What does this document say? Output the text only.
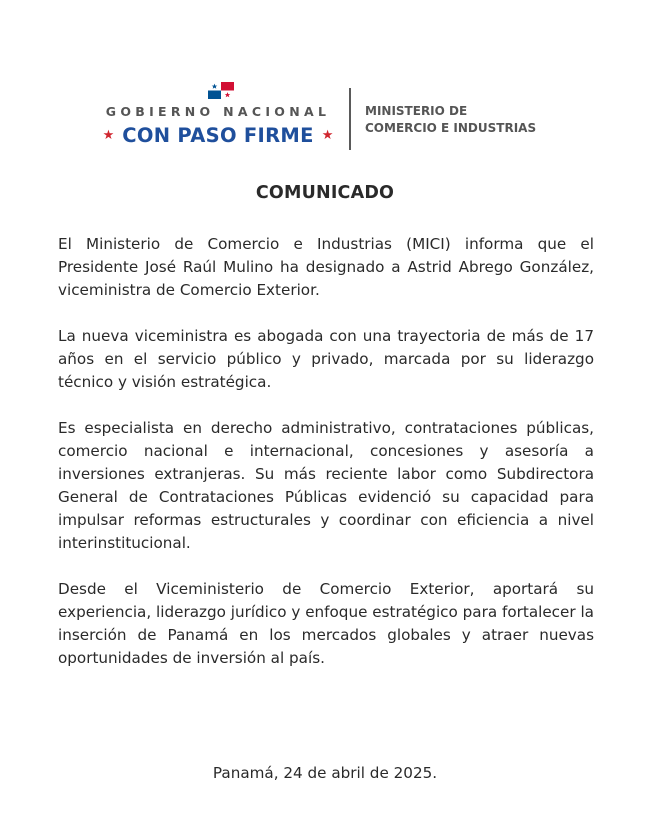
GOBIERNO NACIONAL
★ CON PASO FIRME ★
MINISTERIO DE
COMERCIO E INDUSTRIAS
COMUNICADO

El Ministerio de Comercio e Industrias (MICI) informa que el Presidente José Raúl Mulino ha designado a Astrid Abrego González, viceministra de Comercio Exterior.

La nueva viceministra es abogada con una trayectoria de más de 17 años en el servicio público y privado, marcada por su liderazgo técnico y visión estratégica.

Es especialista en derecho administrativo, contrataciones públicas, comercio nacional e internacional, concesiones y asesoría a inversiones extranjeras. Su más reciente labor como Subdirectora General de Contrataciones Públicas evidenció su capacidad para impulsar reformas estructurales y coordinar con eficiencia a nivel interinstitucional.

Desde el Viceministerio de Comercio Exterior, aportará su experiencia, liderazgo jurídico y enfoque estratégico para fortalecer la inserción de Panamá en los mercados globales y atraer nuevas oportunidades de inversión al país.

Panamá, 24 de abril de 2025.
